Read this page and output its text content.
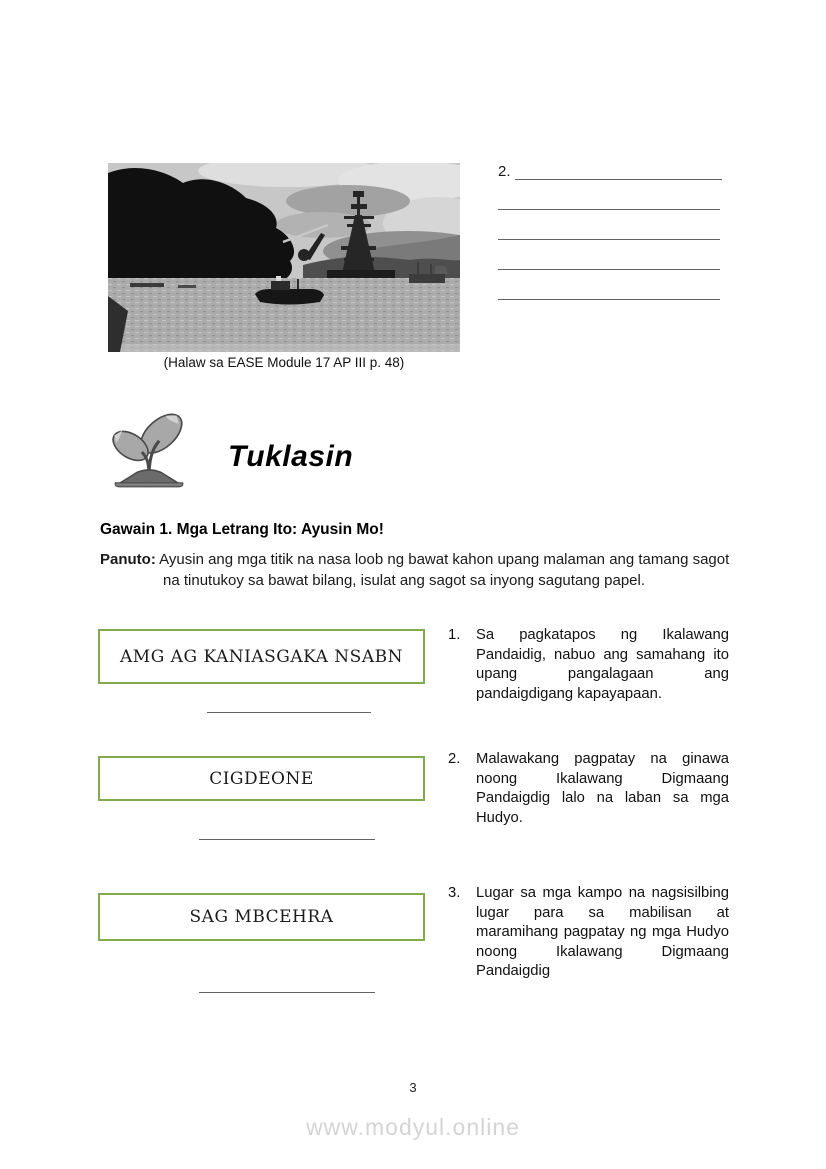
(Halaw sa EASE Module 17 AP III p. 48)
2.
Tuklasin
Gawain 1. Mga Letrang Ito: Ayusin Mo!

Panuto: Ayusin ang mga titik na nasa loob ng bawat kahon upang malaman ang tamang sagot na tinutukoy sa bawat bilang, isulat ang sagot sa inyong sagutang papel.

AMG AG KANIASGAKA NSABN
CIGDEONE
SAG MBCEHRA
1.	Sa pagkatapos ng Ikalawang Pandaidig, nabuo ang samahang ito upang pangalagaan ang pandaigdigang kapayapaan.
2.	Malawakang pagpatay na ginawa noong Ikalawang Digmaang Pandaigdig lalo na laban sa mga Hudyo.
3.	Lugar sa mga kampo na nagsisilbing lugar para sa mabilisan at maramihang pagpatay ng mga Hudyo noong Ikalawang Digmaang Pandaigdig
3
www.modyul.online
